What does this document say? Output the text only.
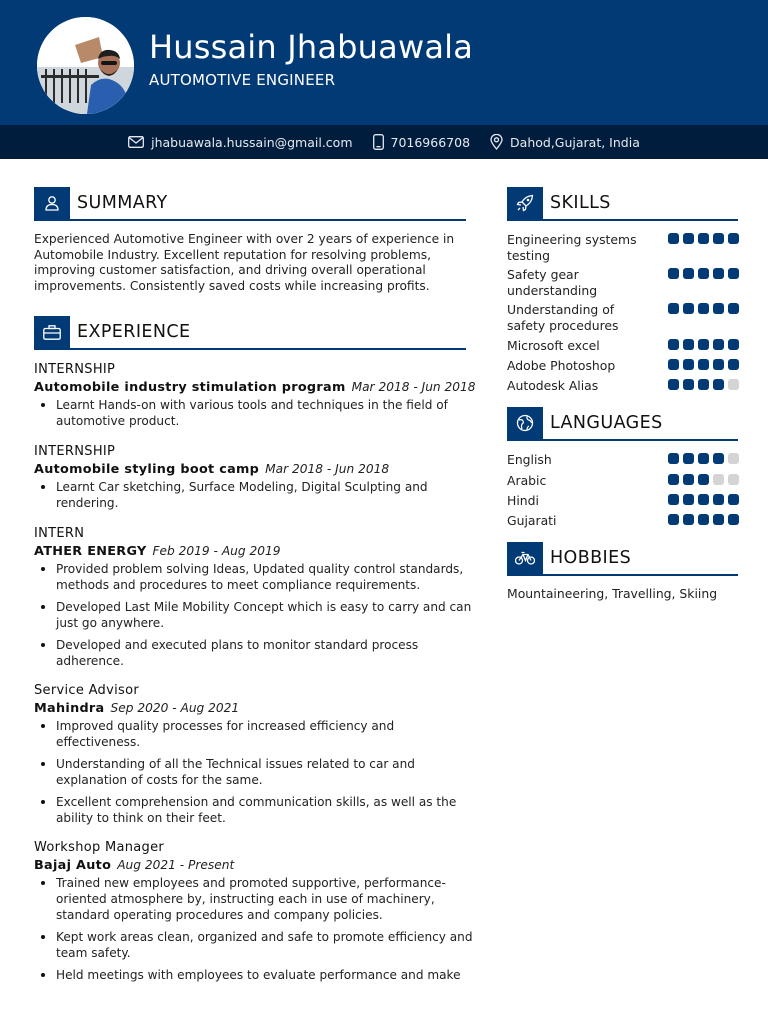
Hussain Jhabuawala
AUTOMOTIVE ENGINEER
jhabuawala.hussain@gmail.com	7016966708	Dahod,Gujarat, India
SUMMARY
Experienced Automotive Engineer with over 2 years of experience in Automobile Industry. Excellent reputation for resolving problems, improving customer satisfaction, and driving overall operational improvements. Consistently saved costs while increasing profits.
EXPERIENCE
INTERNSHIP
Automobile industry stimulation program Mar 2018 - Jun 2018
Learnt Hands-on with various tools and techniques in the field of automotive product.
INTERNSHIP
Automobile styling boot camp Mar 2018 - Jun 2018
Learnt Car sketching, Surface Modeling, Digital Sculpting and rendering.
INTERN
ATHER ENERGY Feb 2019 - Aug 2019
Provided problem solving Ideas, Updated quality control standards, methods and procedures to meet compliance requirements.
Developed Last Mile Mobility Concept which is easy to carry and can just go anywhere.
Developed and executed plans to monitor standard process adherence.
Service Advisor
Mahindra Sep 2020 - Aug 2021
Improved quality processes for increased efficiency and effectiveness.
Understanding of all the Technical issues related to car and explanation of costs for the same.
Excellent comprehension and communication skills, as well as the ability to think on their feet.
Workshop Manager
Bajaj Auto Aug 2021 - Present
Trained new employees and promoted supportive, performance-oriented atmosphere by, instructing each in use of machinery, standard operating procedures and company policies.
Kept work areas clean, organized and safe to promote efficiency and team safety.
Held meetings with employees to evaluate performance and make
SKILLS
Engineering systems testing
Safety gear understanding
Understanding of safety procedures
Microsoft excel
Adobe Photoshop
Autodesk Alias
LANGUAGES
English
Arabic
Hindi
Gujarati
HOBBIES
Mountaineering, Travelling, Skiing
